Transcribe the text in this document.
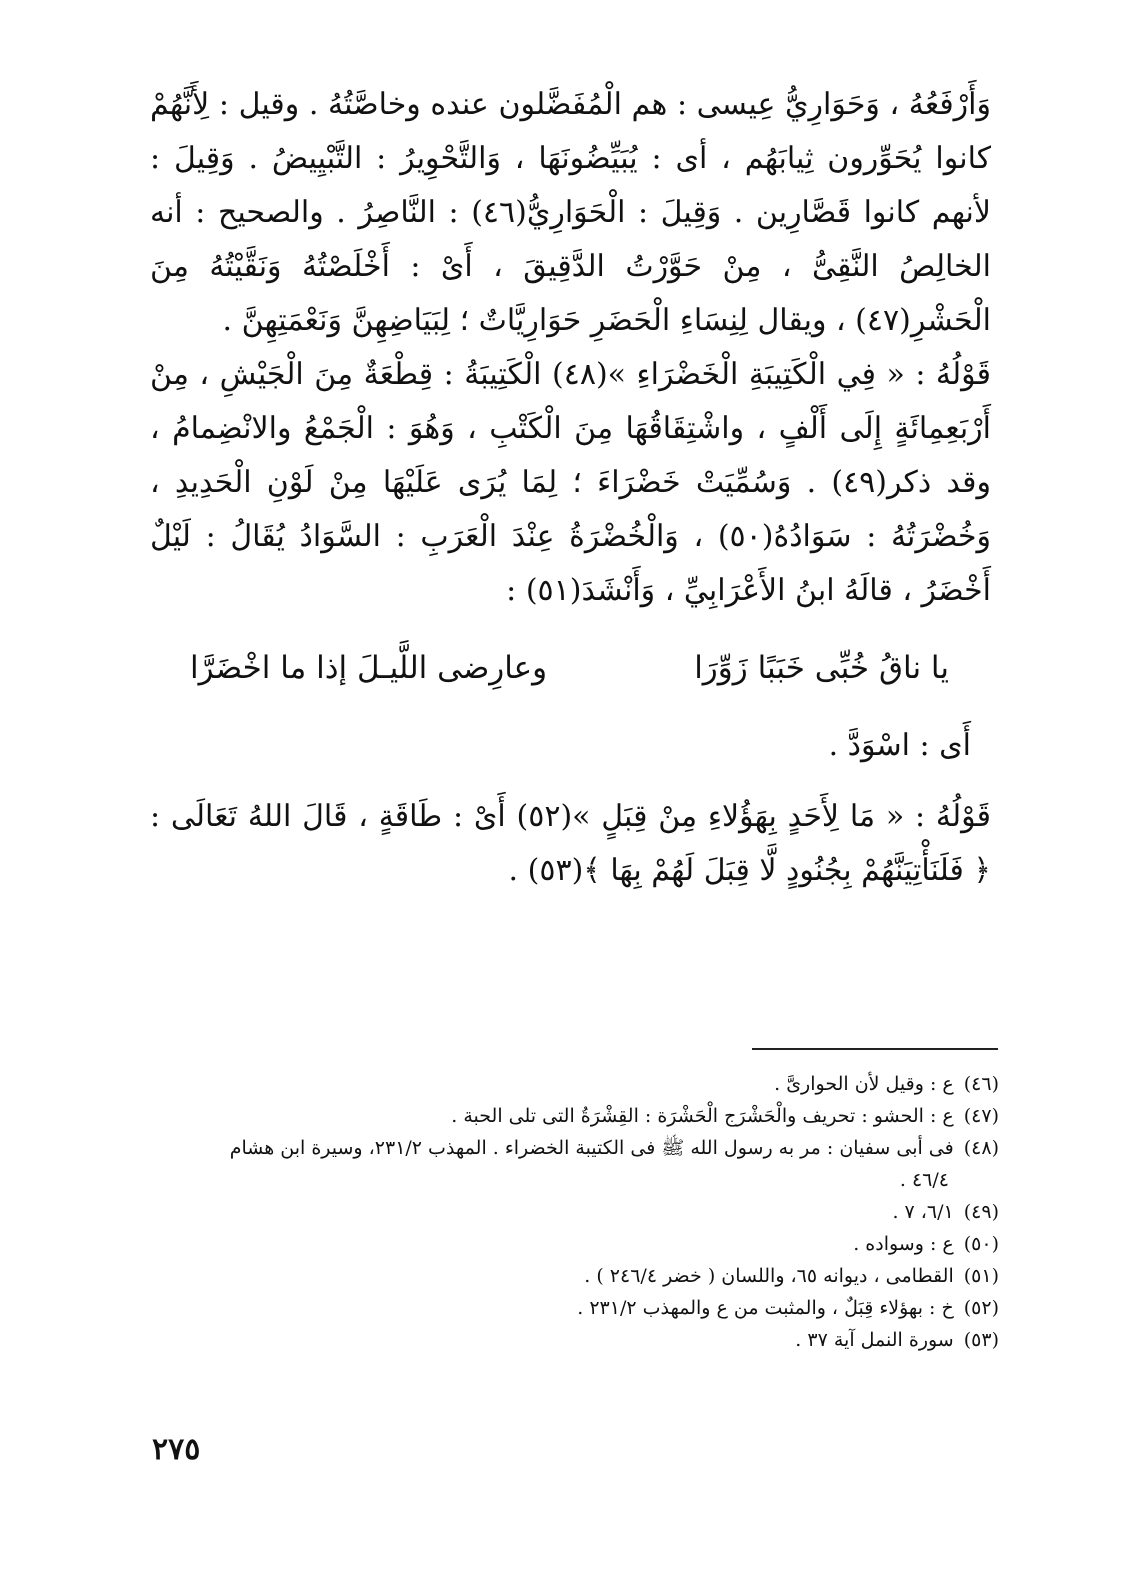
وَأَرْفَعُهُ ، وَحَوَارِيُّ عِيسى : هم الْمُفَضَّلون عنده وخاصَّتُهُ . وقيل : لِأَنَّهُمْ كانوا يُحَوِّرون ثِيابَهُم ، أى : يُبَيِّضُونَهَا ، وَالتَّحْوِيرُ : التَّبْيِيضُ . وَقِيلَ : لأنهم كانوا قَصَّارِين . وَقِيلَ : الْحَوَارِيُّ(٤٦) : النَّاصِرُ . والصحيح : أنه الخالِصُ النَّقِىُّ ، مِنْ حَوَّرْتُ الدَّقِيقَ ، أَىْ : أَخْلَصْتُهُ وَنَقَّيْتُهُ مِنَ الْحَشْرِ(٤٧) ، ويقال لِنِسَاءِ الْحَضَرِ حَوَارِيَّاتٌ ؛ لِبَيَاضِهِنَّ وَنَعْمَتِهِنَّ .

قَوْلُهُ : « فِي الْكَتِيبَةِ الْخَضْرَاءِ »(٤٨) الْكَتِيبَةُ : قِطْعَةٌ مِنَ الْجَيْشِ ، مِنْ أَرْبَعِمِائَةٍ إِلَى أَلْفٍ ، واشْتِقَاقُهَا مِنَ الْكَتْبِ ، وَهُوَ : الْجَمْعُ والانْضِمامُ ، وقد ذكر(٤٩) . وَسُمِّيَتْ خَضْرَاءَ ؛ لِمَا يُرَى عَلَيْهَا مِنْ لَوْنِ الْحَدِيدِ ، وَخُضْرَتُهُ : سَوَادُهُ(٥٠) ، وَالْخُضْرَةُ عِنْدَ الْعَرَبِ : السَّوَادُ يُقَالُ : لَيْلٌ أَخْضَرُ ، قالَهُ ابنُ الأَعْرَابِيِّ ، وَأَنْشَدَ(٥١) :

يا ناقُ خُبِّى خَبَبًا زَوِّرَا
وعارِضى اللَّيـلَ إذا ما اخْضَرَّا
أَى : اسْوَدَّ .

قَوْلُهُ : « مَا لِأَحَدٍ بِهَؤُلاءِ مِنْ قِبَلٍ »(٥٢) أَىْ : طَاقَةٍ ، قَالَ اللهُ تَعَالَى : ﴿ فَلَنَأْتِيَنَّهُمْ بِجُنُودٍ لَّا قِبَلَ لَهُمْ بِهَا ﴾(٥٣) .

(٤٦)ع : وقيل لأن الحوارىَّ .
(٤٧)ع : الحشو : تحريف والْحَشْرَج الْحَشْرَة : القِشْرَةُ التى تلى الحبة .
(٤٨)فى أبى سفيان : مر به رسول الله ﷺ فى الكتيبة الخضراء . المهذب ٢٣١/٢، وسيرة ابن هشام
٤٦/٤ .
(٤٩)٦/١، ٧ .
(٥٠)ع : وسواده .
(٥١)القطامى ، ديوانه ٦٥، واللسان ( خضر ٢٤٦/٤ ) .
(٥٢)خ : بهؤلاء قِبَلٌ ، والمثبت من ع والمهذب ٢٣١/٢ .
(٥٣)سورة النمل آية ٣٧ .
٢٧٥
